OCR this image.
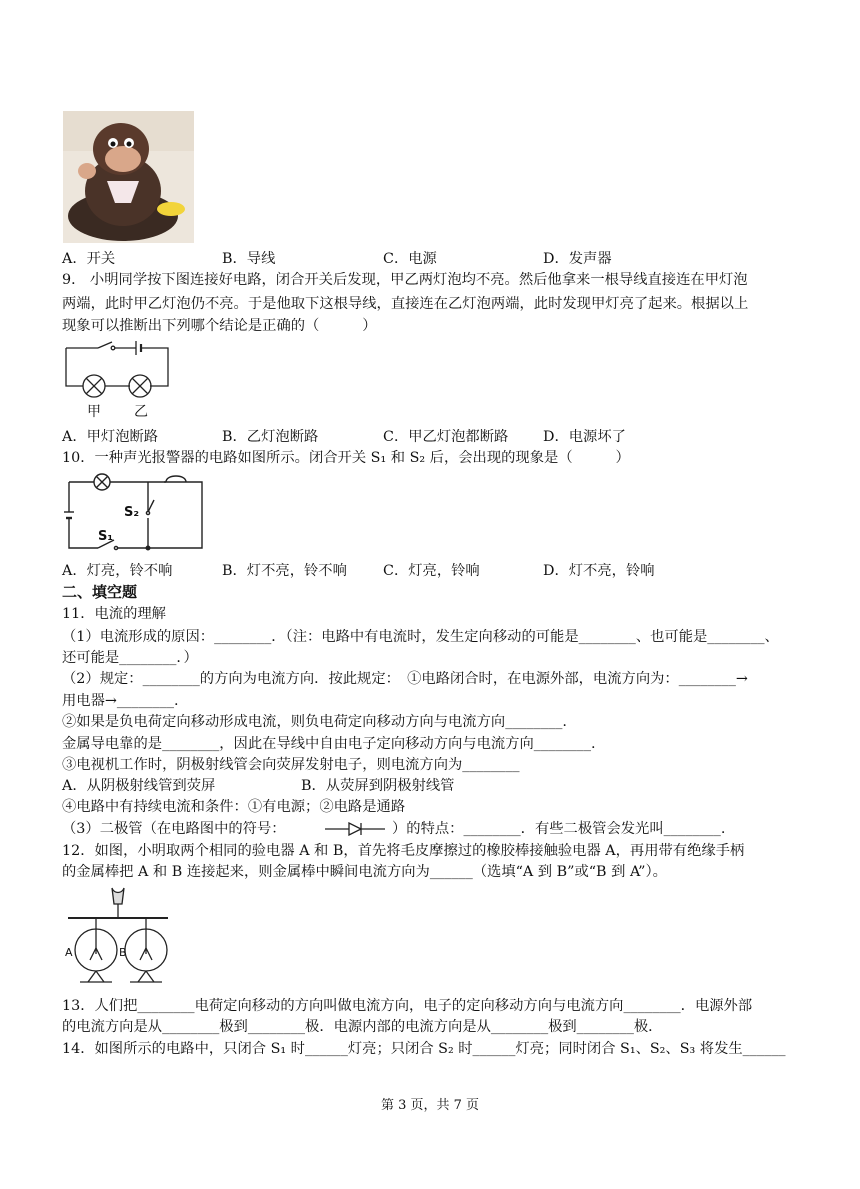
A．开关	B．导线	C．电源	D．发声器
9． 小明同学按下图连接好电路，闭合开关后发现，甲乙两灯泡均不亮。然后他拿来一根导线直接连在甲灯泡
两端，此时甲乙灯泡仍不亮。于是他取下这根导线，直接连在乙灯泡两端，此时发现甲灯亮了起来。根据以上
现象可以推断出下列哪个结论是正确的（　　　）
甲 乙
A．甲灯泡断路	B．乙灯泡断路	C．甲乙灯泡都断路 D．电源坏了
10．一种声光报警器的电路如图所示。闭合开关 S₁ 和 S₂ 后，会出现的现象是（　　　）
S₂
S₁
A．灯亮，铃不响	B．灯不亮，铃不响	C．灯亮，铃响	D．灯不亮，铃响
二、填空题
11．电流的理解
（1）电流形成的原因：________．（注：电路中有电流时，发生定向移动的可能是________、也可能是________、
还可能是________．）
（2）规定：________的方向为电流方向．按此规定：　①电路闭合时，在电源外部，电流方向为：________→
用电器→________.
②如果是负电荷定向移动形成电流，则负电荷定向移动方向与电流方向________.
金属导电靠的是________，因此在导线中自由电子定向移动方向与电流方向________.
③电视机工作时，阴极射线管会向荧屏发射电子，则电流方向为________
A．从阴极射线管到荧屏	B．从荧屏到阴极射线管
④电路中有持续电流和条件：①有电源；②电路是通路
（3）二极管（在电路图中的符号：	）的特点：________．有些二极管会发光叫________.
12．如图，小明取两个相同的验电器 A 和 B，首先将毛皮摩擦过的橡胶棒接触验电器 A，再用带有绝缘手柄
的金属棒把 A 和 B 连接起来，则金属棒中瞬间电流方向为______（选填“A 到 B”或“B 到 A”）。
A	B
13．人们把________电荷定向移动的方向叫做电流方向，电子的定向移动方向与电流方向________．电源外部
的电流方向是从________极到________极．电源内部的电流方向是从________极到________极．
14．如图所示的电路中，只闭合 S₁ 时______灯亮；只闭合 S₂ 时______灯亮；同时闭合 S₁、S₂、S₃ 将发生______
第 3 页，共 7 页
